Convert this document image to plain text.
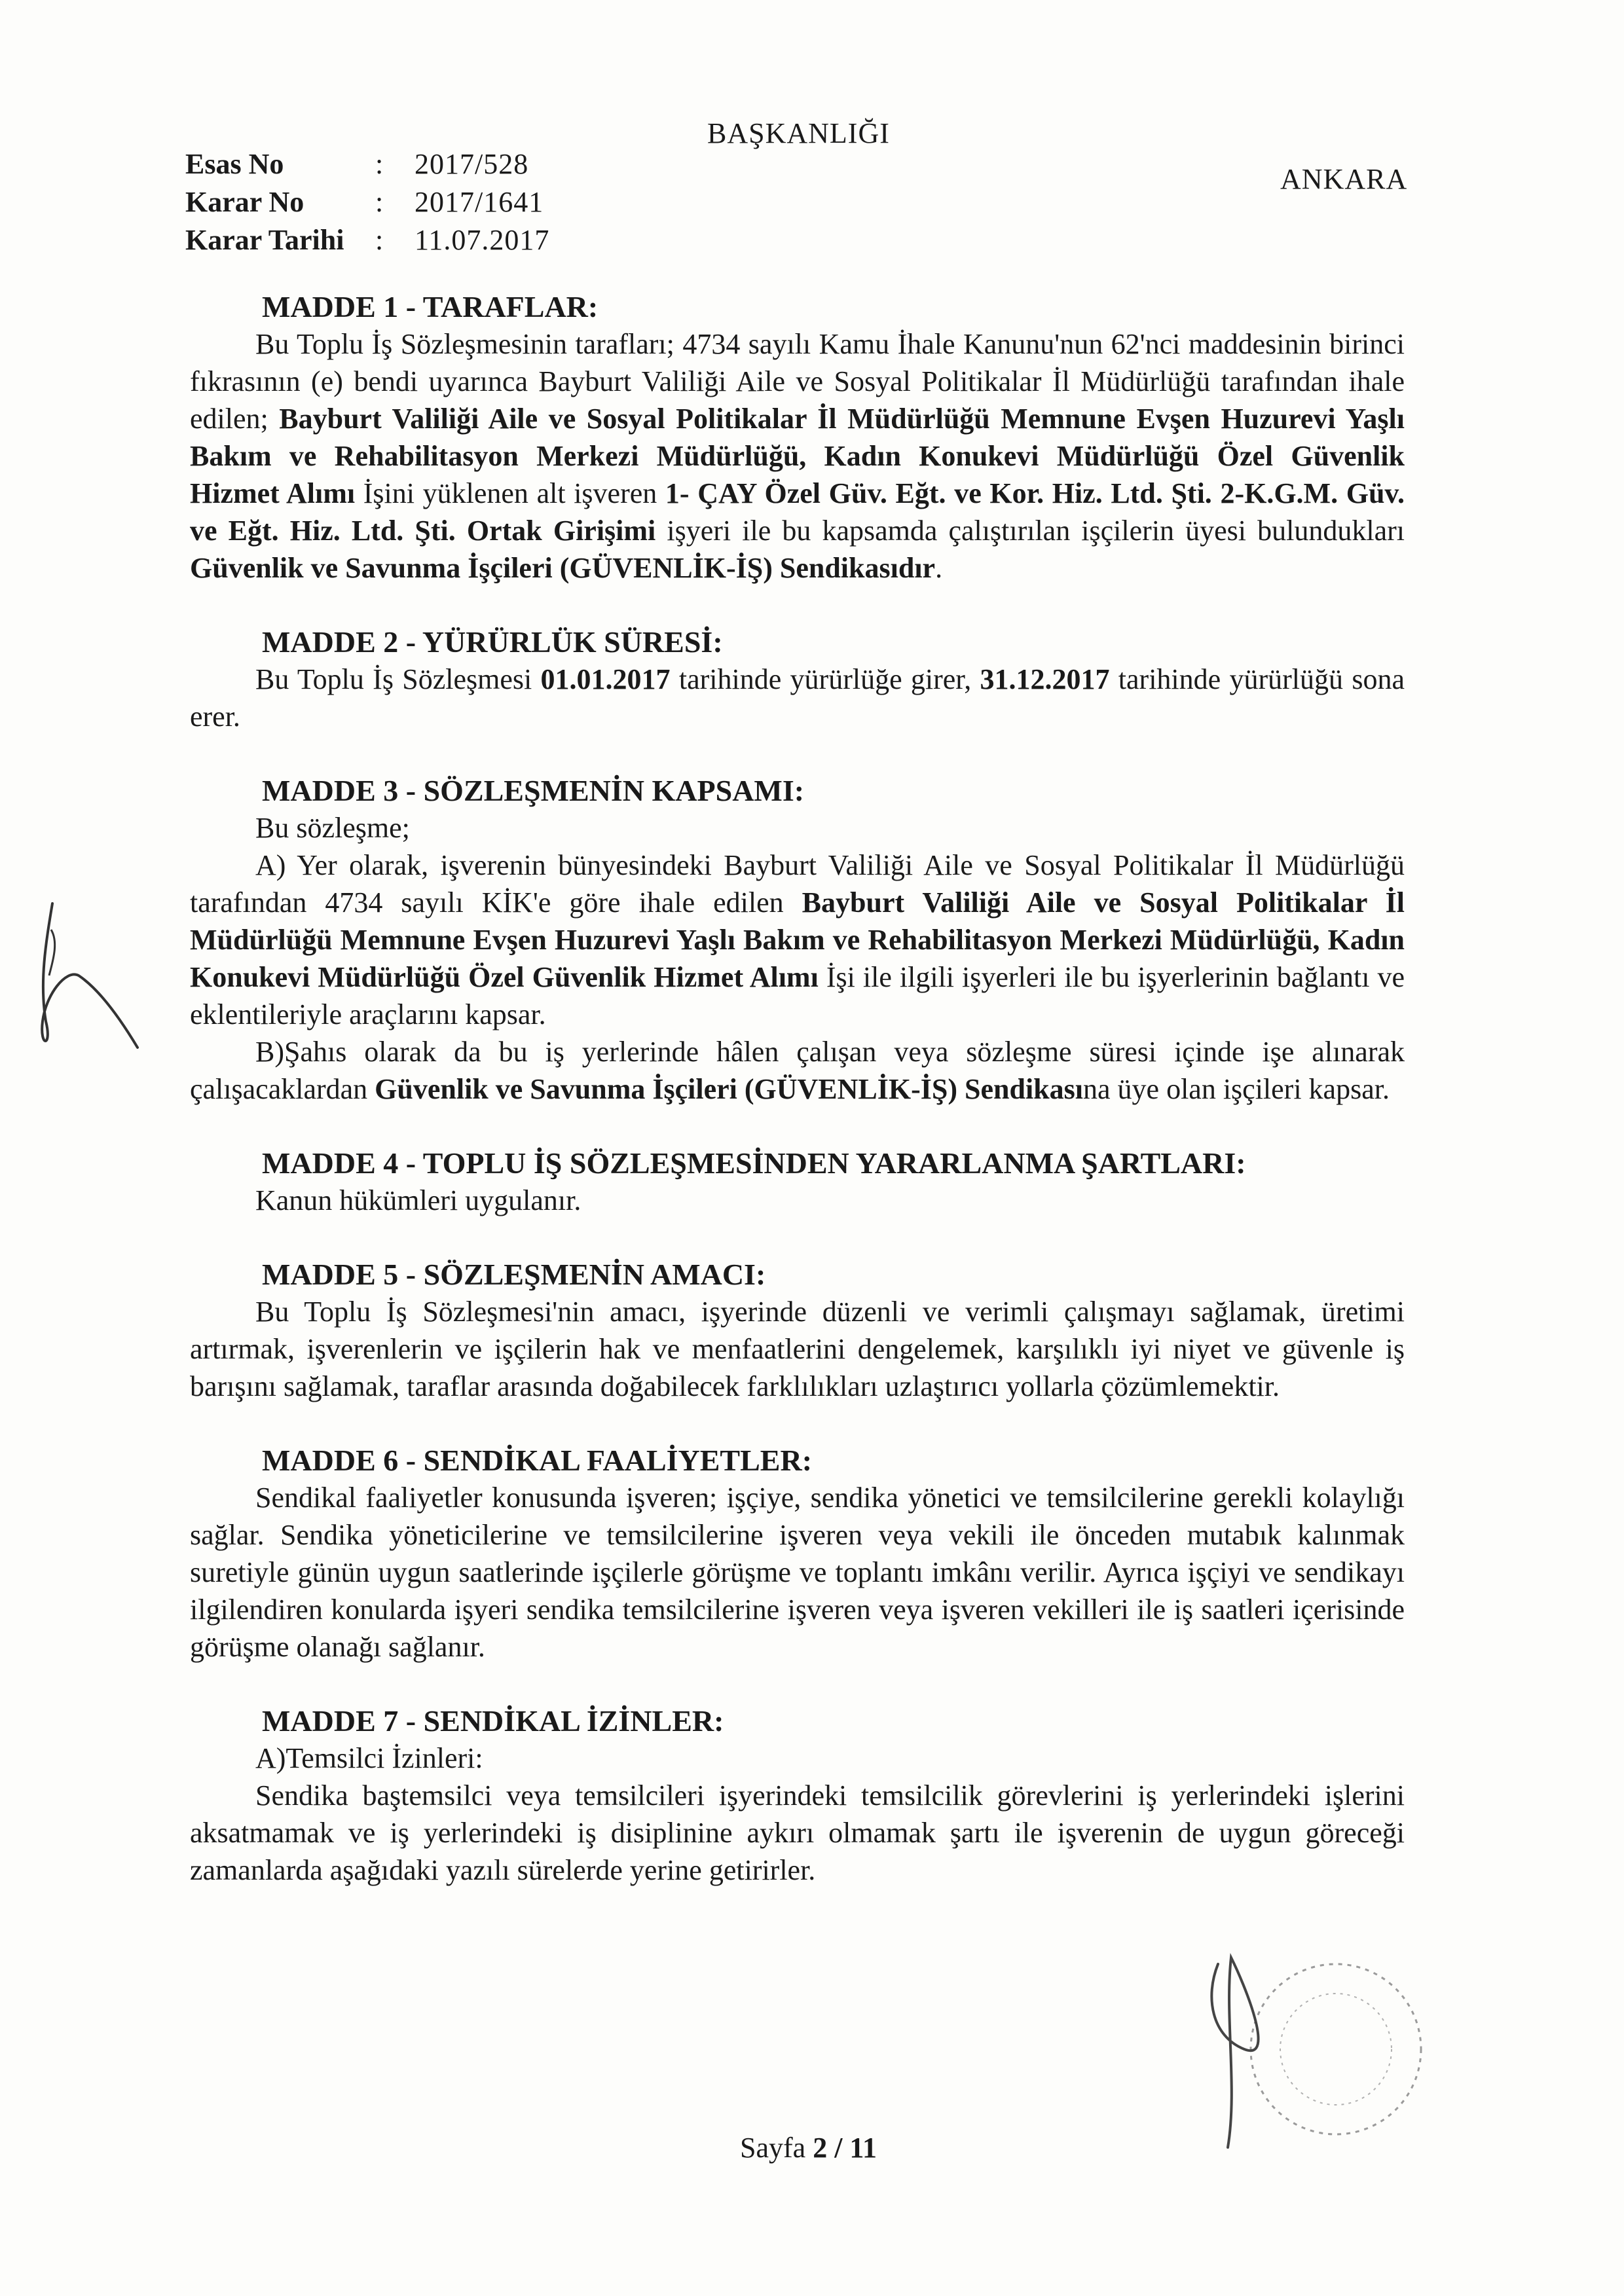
BAŞKANLIĞI
ANKARA
Esas No	:	2017/528
Karar No	:	2017/1641
Karar Tarihi	:	11.07.2017
MADDE 1 - TARAFLAR:

Bu Toplu İş Sözleşmesinin tarafları; 4734 sayılı Kamu İhale Kanunu'nun 62'nci maddesinin birinci fıkrasının (e) bendi uyarınca Bayburt Valiliği Aile ve Sosyal Politikalar İl Müdürlüğü tarafından ihale edilen; Bayburt Valiliği Aile ve Sosyal Politikalar İl Müdürlüğü Memnune Evşen Huzurevi Yaşlı Bakım ve Rehabilitasyon Merkezi Müdürlüğü, Kadın Konukevi Müdürlüğü Özel Güvenlik Hizmet Alımı İşini yüklenen alt işveren 1- ÇAY Özel Güv. Eğt. ve Kor. Hiz. Ltd. Şti. 2-K.G.M. Güv. ve Eğt. Hiz. Ltd. Şti. Ortak Girişimi işyeri ile bu kapsamda çalıştırılan işçilerin üyesi bulundukları Güvenlik ve Savunma İşçileri (GÜVENLİK-İŞ) Sendikasıdır.

MADDE 2 - YÜRÜRLÜK SÜRESİ:

Bu Toplu İş Sözleşmesi 01.01.2017 tarihinde yürürlüğe girer, 31.12.2017 tarihinde yürürlüğü sona erer.

MADDE 3 - SÖZLEŞMENİN KAPSAMI:

Bu sözleşme;

A) Yer olarak, işverenin bünyesindeki Bayburt Valiliği Aile ve Sosyal Politikalar İl Müdürlüğü tarafından 4734 sayılı KİK'e göre ihale edilen Bayburt Valiliği Aile ve Sosyal Politikalar İl Müdürlüğü Memnune Evşen Huzurevi Yaşlı Bakım ve Rehabilitasyon Merkezi Müdürlüğü, Kadın Konukevi Müdürlüğü Özel Güvenlik Hizmet Alımı İşi ile ilgili işyerleri ile bu işyerlerinin bağlantı ve eklentileriyle araçlarını kapsar.

B)Şahıs olarak da bu iş yerlerinde hâlen çalışan veya sözleşme süresi içinde işe alınarak çalışacaklardan Güvenlik ve Savunma İşçileri (GÜVENLİK-İŞ) Sendikasına üye olan işçileri kapsar.

MADDE 4 - TOPLU İŞ SÖZLEŞMESİNDEN YARARLANMA ŞARTLARI:

Kanun hükümleri uygulanır.

MADDE 5 - SÖZLEŞMENİN AMACI:

Bu Toplu İş Sözleşmesi'nin amacı, işyerinde düzenli ve verimli çalışmayı sağlamak, üretimi artırmak, işverenlerin ve işçilerin hak ve menfaatlerini dengelemek, karşılıklı iyi niyet ve güvenle iş barışını sağlamak, taraflar arasında doğabilecek farklılıkları uzlaştırıcı yollarla çözümlemektir.

MADDE 6 - SENDİKAL FAALİYETLER:

Sendikal faaliyetler konusunda işveren; işçiye, sendika yönetici ve temsilcilerine gerekli kolaylığı sağlar. Sendika yöneticilerine ve temsilcilerine işveren veya vekili ile önceden mutabık kalınmak suretiyle günün uygun saatlerinde işçilerle görüşme ve toplantı imkânı verilir. Ayrıca işçiyi ve sendikayı ilgilendiren konularda işyeri sendika temsilcilerine işveren veya işveren vekilleri ile iş saatleri içerisinde görüşme olanağı sağlanır.

MADDE 7 - SENDİKAL İZİNLER:

A)Temsilci İzinleri:

Sendika baştemsilci veya temsilcileri işyerindeki temsilcilik görevlerini iş yerlerindeki işlerini aksatmamak ve iş yerlerindeki iş disiplinine aykırı olmamak şartı ile işverenin de uygun göreceği zamanlarda aşağıdaki yazılı sürelerde yerine getirirler.

Sayfa 2 / 11
